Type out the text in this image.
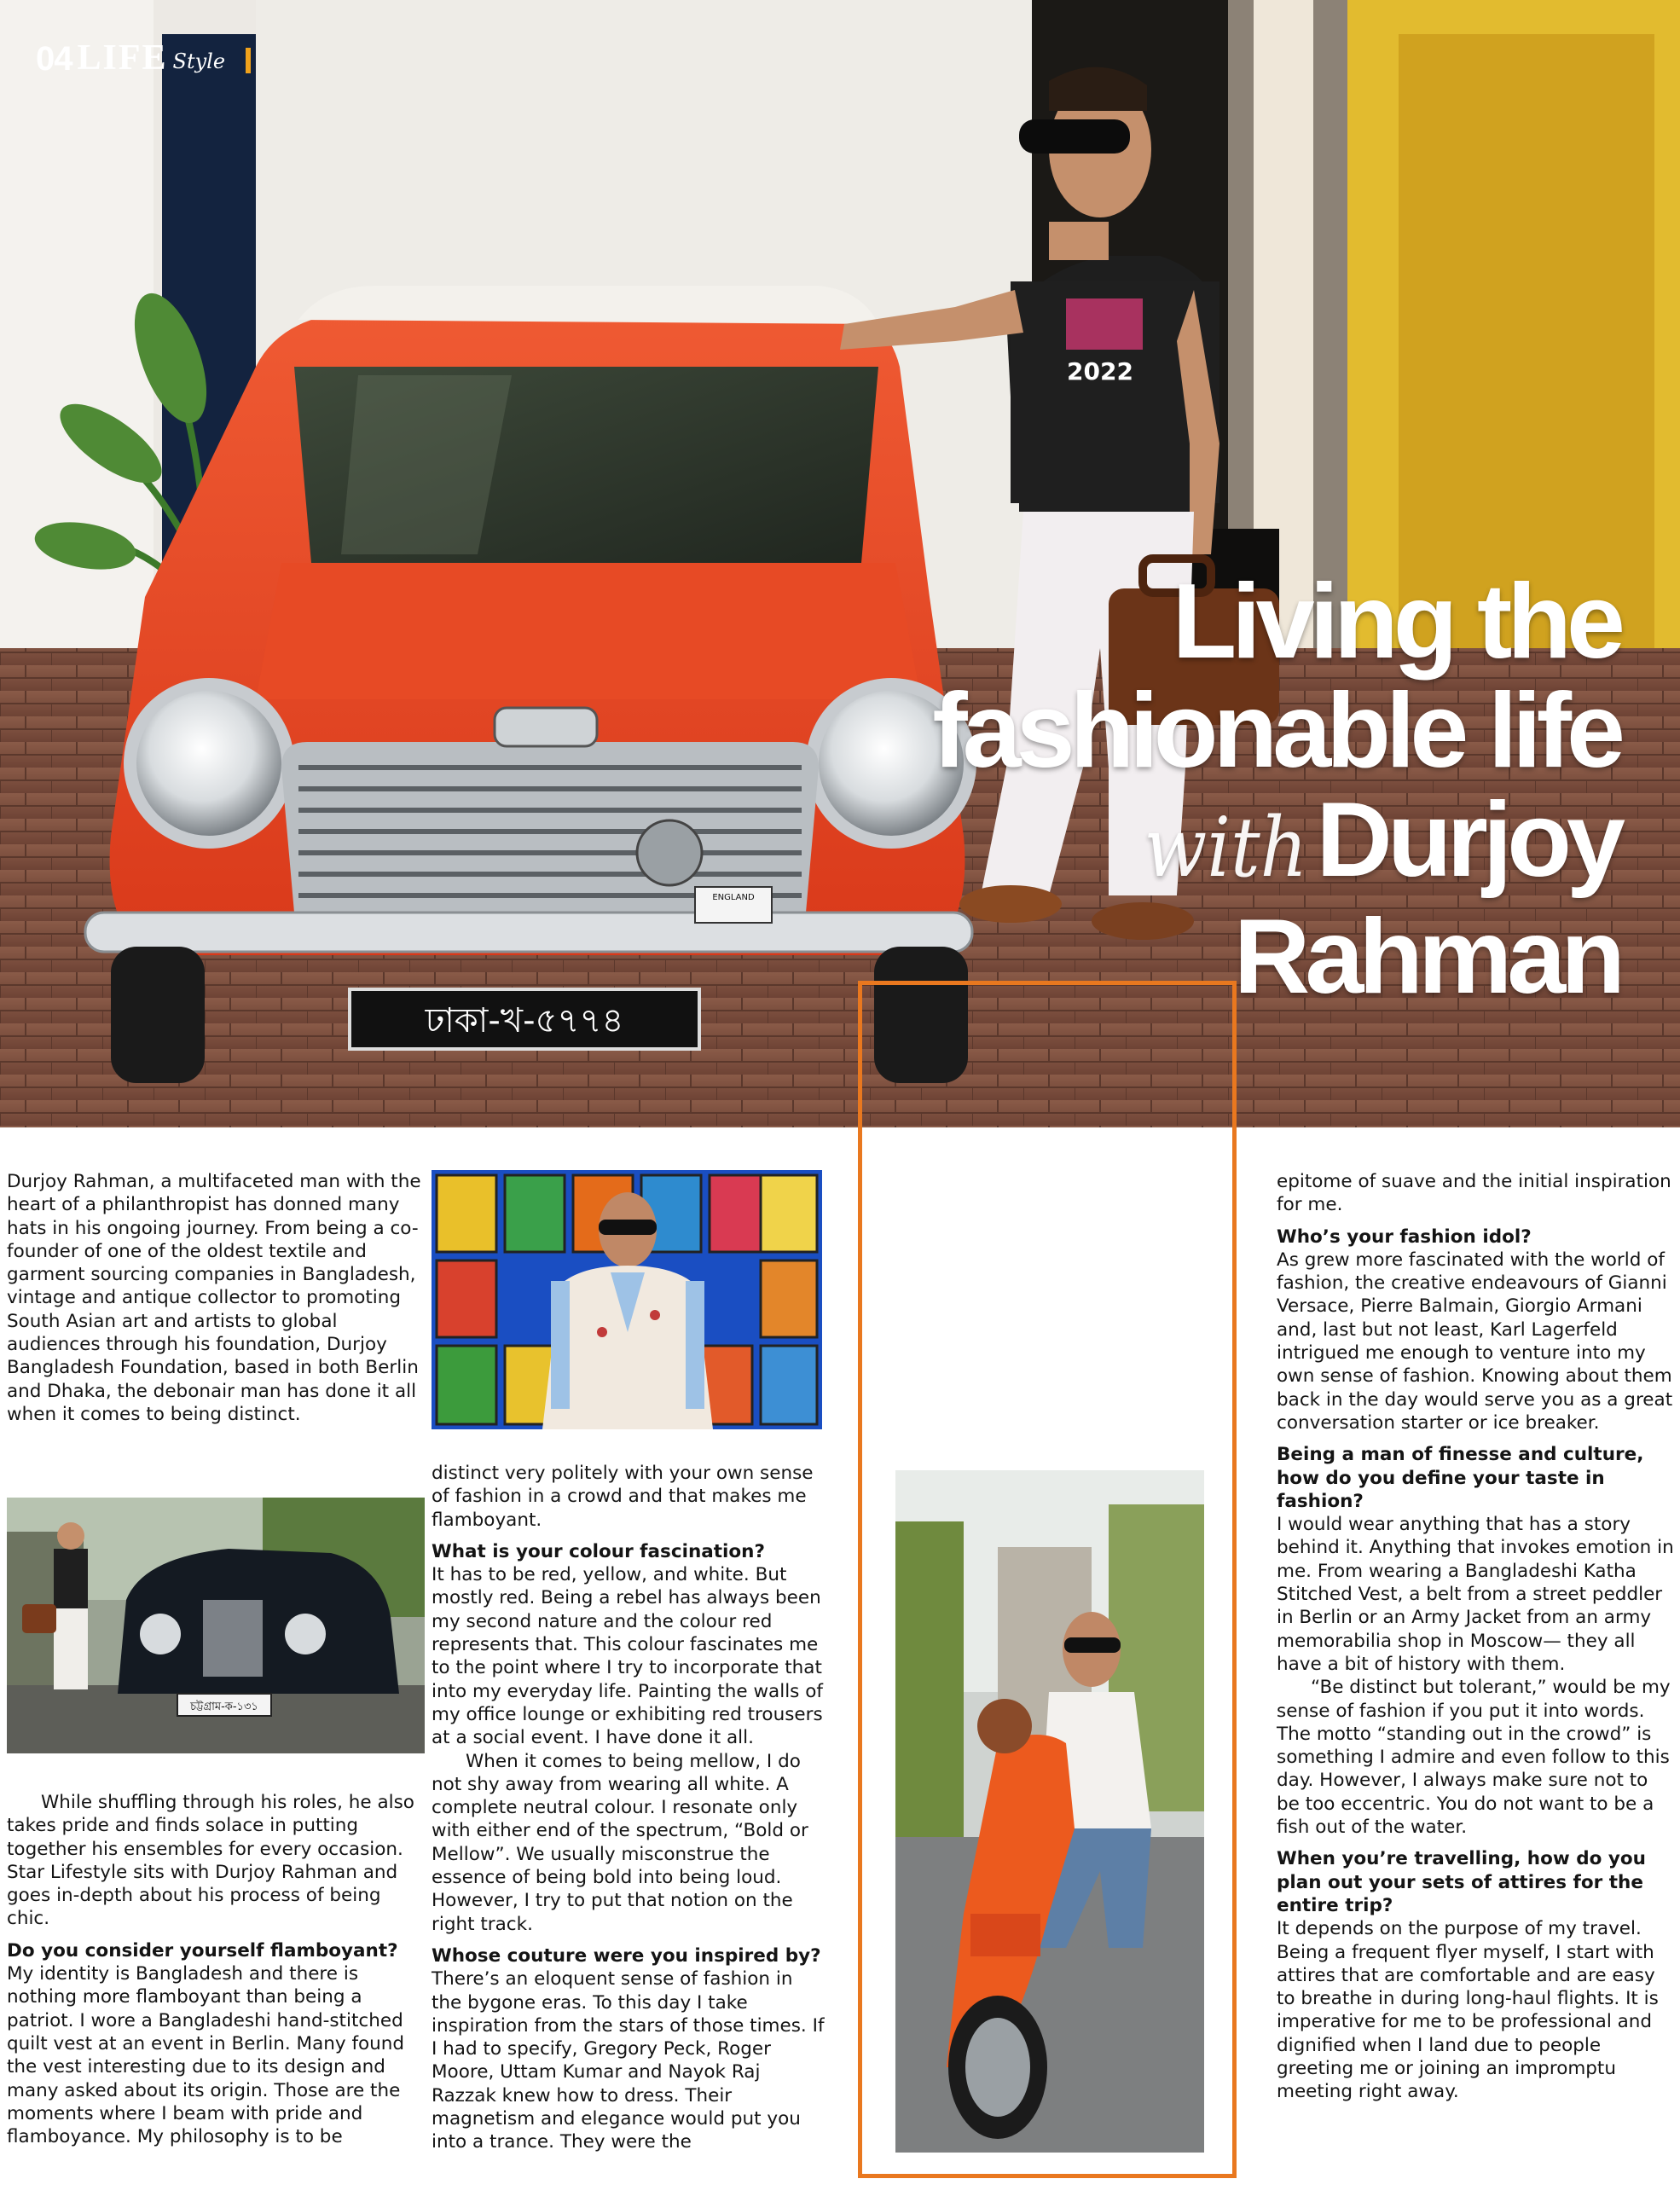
ঢাকা-খ-৫৭৭৪
ENGLAND
2022
04 LIFE Style
Living the
fashionable life
withDurjoy
Rahman

Durjoy Rahman, a multifaceted man with the heart of a philanthropist has donned many hats in his ongoing journey. From being a co-founder of one of the oldest textile and garment sourcing companies in Bangladesh, vintage and antique collector to promoting South Asian art and artists to global audiences through his foundation, Durjoy Bangladesh Foundation, based in both Berlin and Dhaka, the debonair man has done it all when it comes to being distinct.

চট্টগ্রাম-ক-১৩১

While shuffling through his roles, he also takes pride and finds solace in putting together his ensembles for every occasion. Star Lifestyle sits with Durjoy Rahman and goes in-depth about his process of being chic.

Do you consider yourself flamboyant?

My identity is Bangladesh and there is nothing more flamboyant than being a patriot. I wore a Bangladeshi hand-stitched quilt vest at an event in Berlin. Many found the vest interesting due to its design and many asked about its origin. Those are the moments where I beam with pride and flamboyance. My philosophy is to be

distinct very politely with your own sense of fashion in a crowd and that makes me flamboyant.

What is your colour fascination?

It has to be red, yellow, and white. But mostly red. Being a rebel has always been my second nature and the colour red represents that. This colour fascinates me to the point where I try to incorporate that into my everyday life. Painting the walls of my office lounge or exhibiting red trousers at a social event. I have done it all.

When it comes to being mellow, I do not shy away from wearing all white. A complete neutral colour. I resonate only with either end of the spectrum, “Bold or Mellow”. We usually misconstrue the essence of being bold into being loud. However, I try to put that notion on the right track.

Whose couture were you inspired by?

There’s an eloquent sense of fashion in the bygone eras. To this day I take inspiration from the stars of those times. If I had to specify, Gregory Peck, Roger Moore, Uttam Kumar and Nayok Raj Razzak knew how to dress. Their magnetism and elegance would put you into a trance. They were the

epitome of suave and the initial inspiration for me.

Who’s your fashion idol?

As grew more fascinated with the world of fashion, the creative endeavours of Gianni Versace, Pierre Balmain, Giorgio Armani and, last but not least, Karl Lagerfeld intrigued me enough to venture into my own sense of fashion. Knowing about them back in the day would serve you as a great conversation starter or ice breaker.

Being a man of finesse and culture, how do you define your taste in fashion?

I would wear anything that has a story behind it. Anything that invokes emotion in me. From wearing a Bangladeshi Katha Stitched Vest, a belt from a street peddler in Berlin or an Army Jacket from an army memorabilia shop in Moscow— they all have a bit of history with them.

“Be distinct but tolerant,” would be my sense of fashion if you put it into words. The motto “standing out in the crowd” is something I admire and even follow to this day. However, I always make sure not to be too eccentric. You do not want to be a fish out of the water.

When you’re travelling, how do you plan out your sets of attires for the entire trip?

It depends on the purpose of my travel. Being a frequent flyer myself, I start with attires that are comfortable and are easy to breathe in during long-haul flights. It is imperative for me to be professional and dignified when I land due to people greeting me or joining an impromptu meeting right away.
